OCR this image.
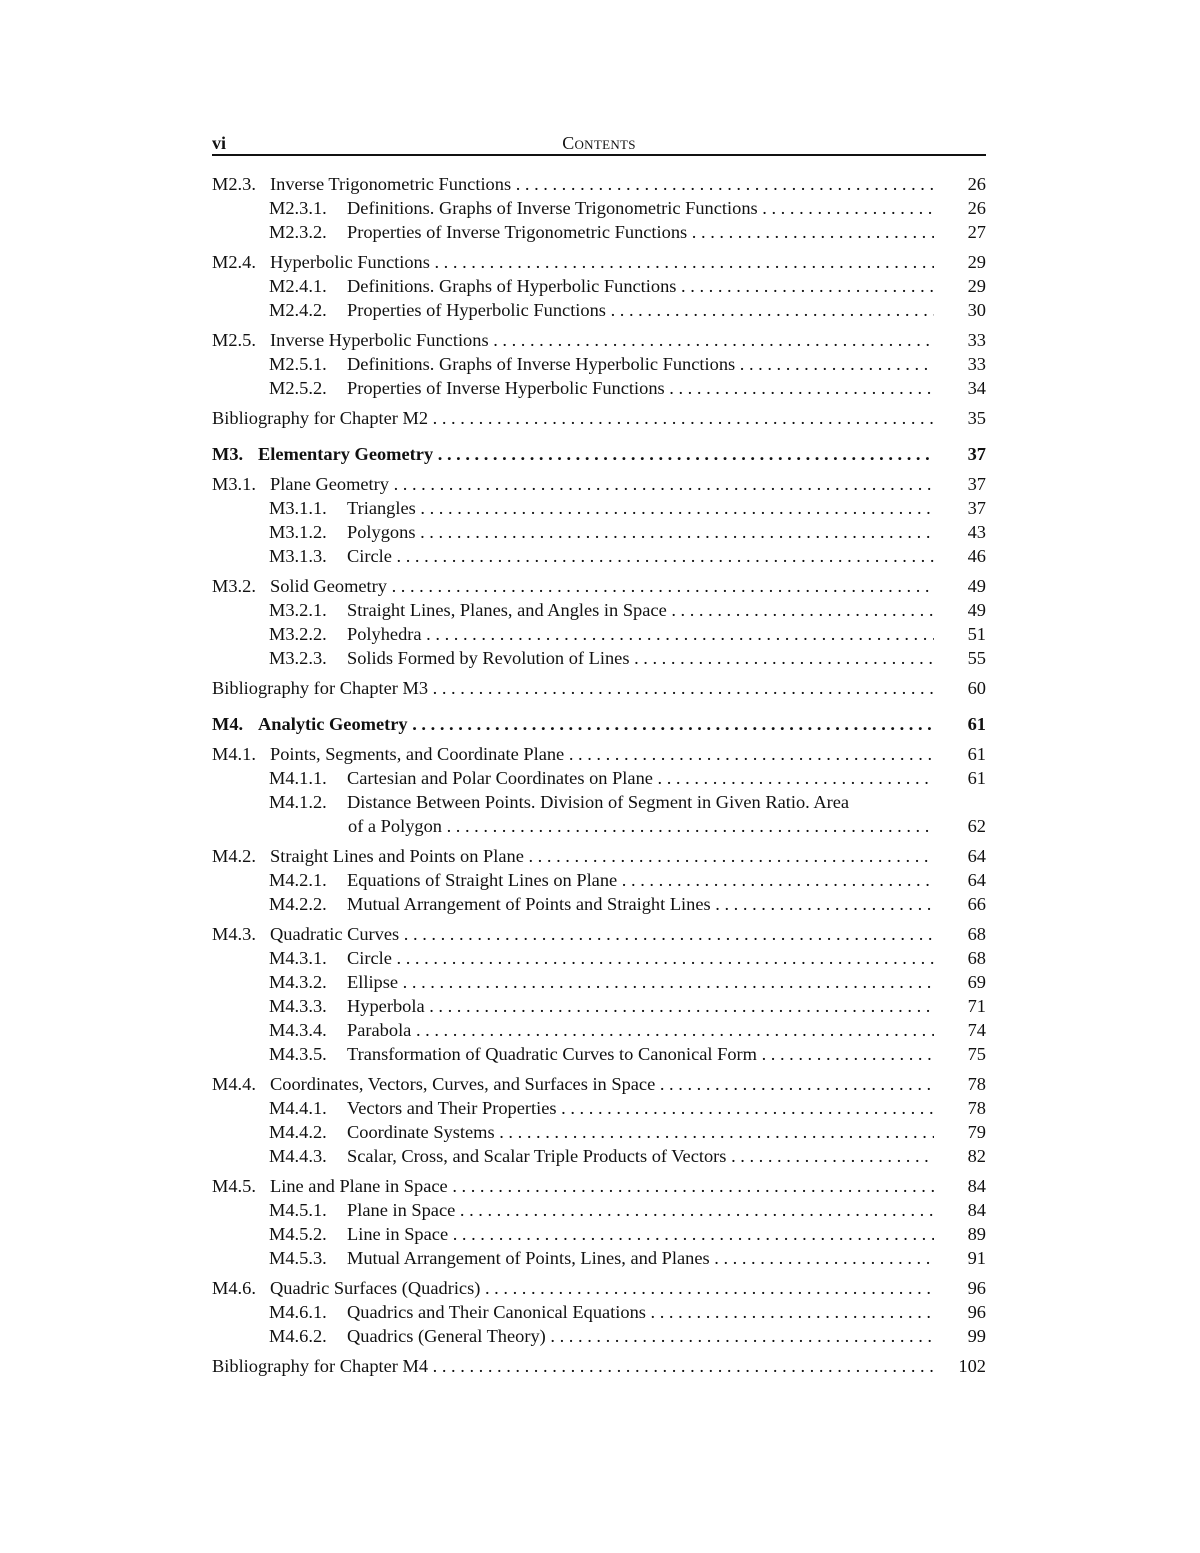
vi	Contents
M2.3. Inverse Trigonometric Functions . . .	26
M2.3.1. Definitions. Graphs of Inverse Trigonometric Functions . . .	26
M2.3.2. Properties of Inverse Trigonometric Functions . . .	27
M2.4. Hyperbolic Functions . . .	29
M2.4.1. Definitions. Graphs of Hyperbolic Functions . . .	29
M2.4.2. Properties of Hyperbolic Functions . . .	30
M2.5. Inverse Hyperbolic Functions . . .	33
M2.5.1. Definitions. Graphs of Inverse Hyperbolic Functions . . .	33
M2.5.2. Properties of Inverse Hyperbolic Functions . . .	34
Bibliography for Chapter M2 . . .	35
M3. Elementary Geometry . . .	37
M3.1. Plane Geometry . . .	37
M3.1.1. Triangles . . .	37
M3.1.2. Polygons . . .	43
M3.1.3. Circle . . .	46
M3.2. Solid Geometry . . .	49
M3.2.1. Straight Lines, Planes, and Angles in Space . . .	49
M3.2.2. Polyhedra . . .	51
M3.2.3. Solids Formed by Revolution of Lines . . .	55
Bibliography for Chapter M3 . . .	60
M4. Analytic Geometry . . .	61
M4.1. Points, Segments, and Coordinate Plane . . .	61
M4.1.1. Cartesian and Polar Coordinates on Plane . . .	61
M4.1.2. Distance Between Points. Division of Segment in Given Ratio. Area
of a Polygon . . .	62
M4.2. Straight Lines and Points on Plane . . .	64
M4.2.1. Equations of Straight Lines on Plane . . .	64
M4.2.2. Mutual Arrangement of Points and Straight Lines . . .	66
M4.3. Quadratic Curves . . .	68
M4.3.1. Circle . . .	68
M4.3.2. Ellipse . . .	69
M4.3.3. Hyperbola . . .	71
M4.3.4. Parabola . . .	74
M4.3.5. Transformation of Quadratic Curves to Canonical Form . . .	75
M4.4. Coordinates, Vectors, Curves, and Surfaces in Space . . .	78
M4.4.1. Vectors and Their Properties . . .	78
M4.4.2. Coordinate Systems . . .	79
M4.4.3. Scalar, Cross, and Scalar Triple Products of Vectors . . .	82
M4.5. Line and Plane in Space . . .	84
M4.5.1. Plane in Space . . .	84
M4.5.2. Line in Space . . .	89
M4.5.3. Mutual Arrangement of Points, Lines, and Planes . . .	91
M4.6. Quadric Surfaces (Quadrics) . . .	96
M4.6.1. Quadrics and Their Canonical Equations . . .	96
M4.6.2. Quadrics (General Theory) . . .	99
Bibliography for Chapter M4 . . .	102
